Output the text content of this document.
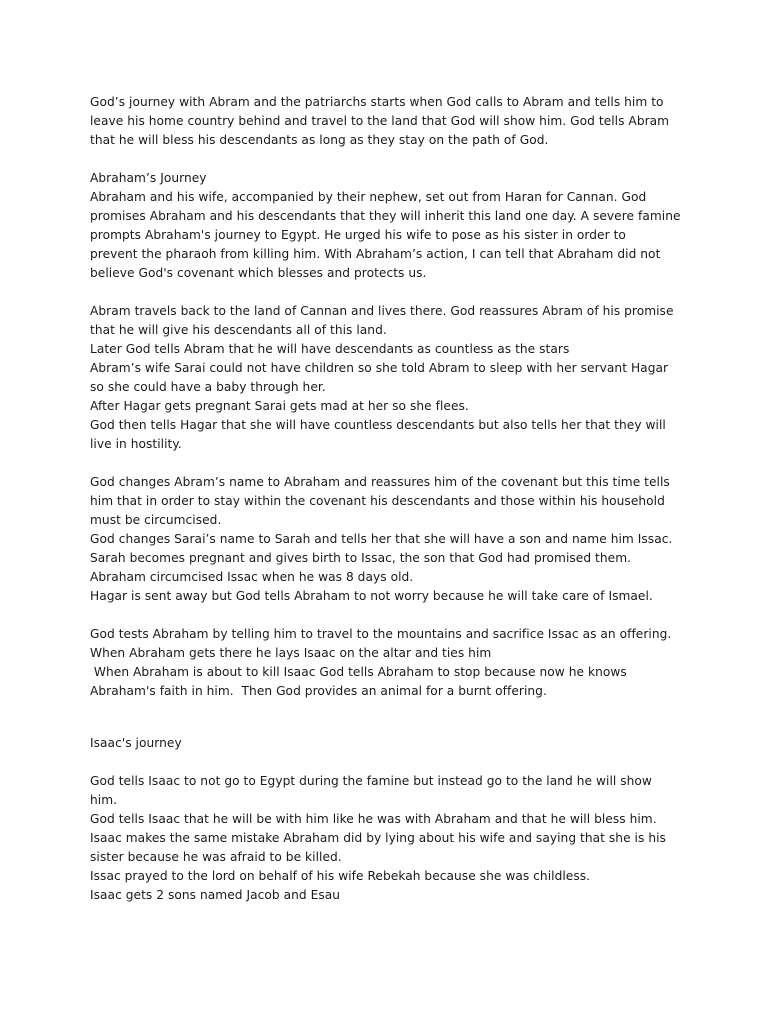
God’s journey with Abram and the patriarchs starts when God calls to Abram and tells him to
leave his home country behind and travel to the land that God will show him. God tells Abram
that he will bless his descendants as long as they stay on the path of God.
Abraham’s Journey
Abraham and his wife, accompanied by their nephew, set out from Haran for Cannan. God
promises Abraham and his descendants that they will inherit this land one day. A severe famine
prompts Abraham's journey to Egypt. He urged his wife to pose as his sister in order to
prevent the pharaoh from killing him. With Abraham’s action, I can tell that Abraham did not
believe God's covenant which blesses and protects us.
Abram travels back to the land of Cannan and lives there. God reassures Abram of his promise
that he will give his descendants all of this land.
Later God tells Abram that he will have descendants as countless as the stars
Abram’s wife Sarai could not have children so she told Abram to sleep with her servant Hagar
so she could have a baby through her.
After Hagar gets pregnant Sarai gets mad at her so she flees.
God then tells Hagar that she will have countless descendants but also tells her that they will
live in hostility.
God changes Abram’s name to Abraham and reassures him of the covenant but this time tells
him that in order to stay within the covenant his descendants and those within his household
must be circumcised.
God changes Sarai’s name to Sarah and tells her that she will have a son and name him Issac.
Sarah becomes pregnant and gives birth to Issac, the son that God had promised them.
Abraham circumcised Issac when he was 8 days old.
Hagar is sent away but God tells Abraham to not worry because he will take care of Ismael.
God tests Abraham by telling him to travel to the mountains and sacrifice Issac as an offering.
When Abraham gets there he lays Isaac on the altar and ties him
When Abraham is about to kill Isaac God tells Abraham to stop because now he knows
Abraham's faith in him.  Then God provides an animal for a burnt offering.
Isaac's journey
God tells Isaac to not go to Egypt during the famine but instead go to the land he will show
him.
God tells Isaac that he will be with him like he was with Abraham and that he will bless him.
Isaac makes the same mistake Abraham did by lying about his wife and saying that she is his
sister because he was afraid to be killed.
Issac prayed to the lord on behalf of his wife Rebekah because she was childless.
Isaac gets 2 sons named Jacob and Esau
